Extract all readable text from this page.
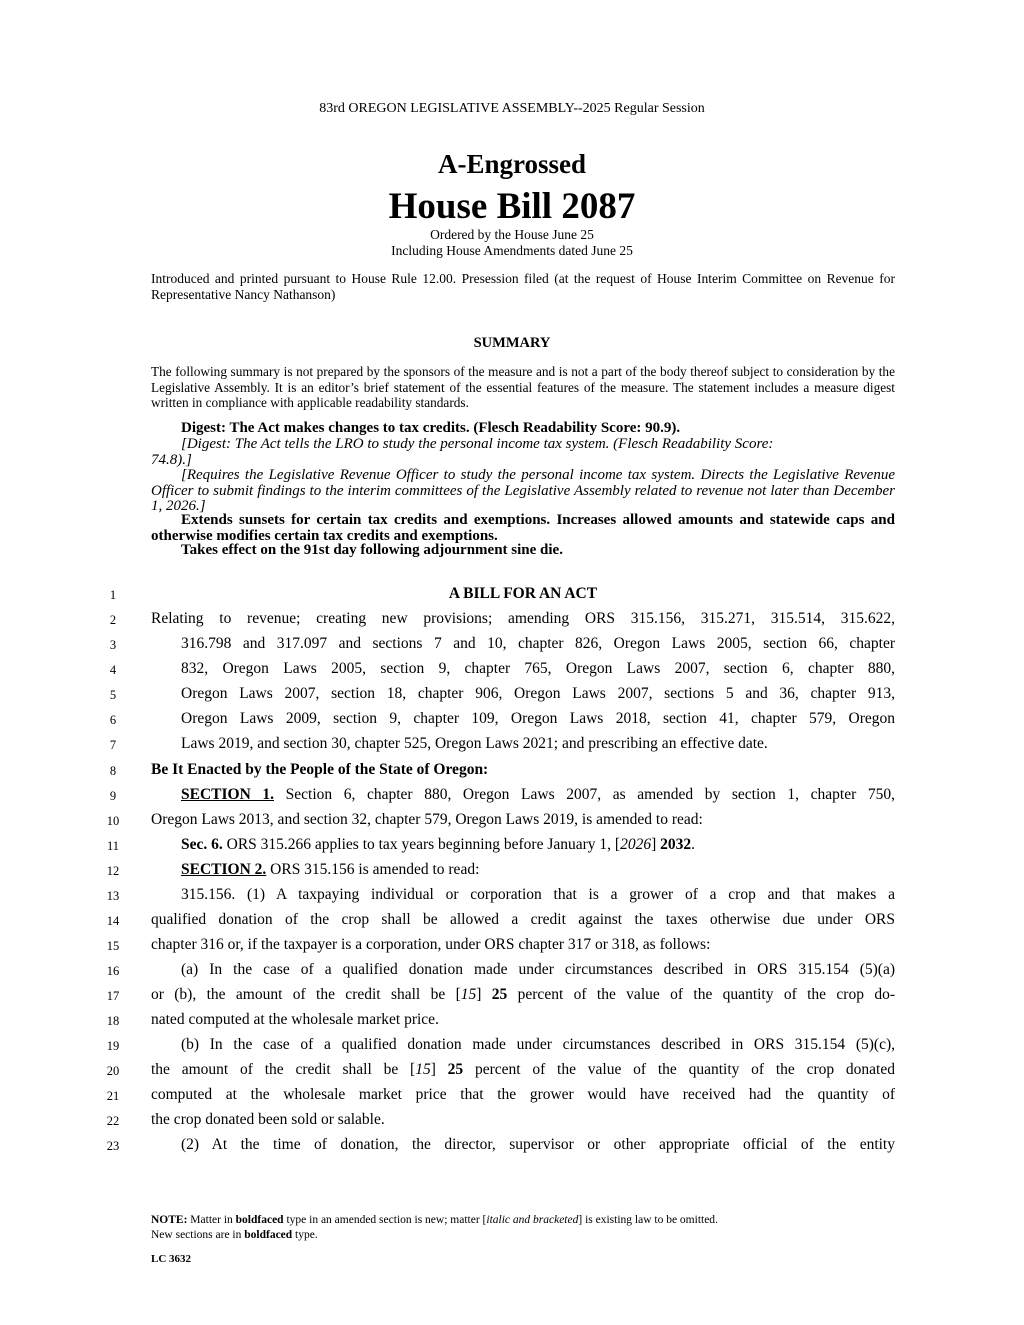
83rd OREGON LEGISLATIVE ASSEMBLY--2025 Regular Session
A-Engrossed
House Bill 2087
Ordered by the House June 25
Including House Amendments dated June 25
Introduced and printed pursuant to House Rule 12.00. Presession filed (at the request of House Interim Committee on Revenue for Representative Nancy Nathanson)
SUMMARY
The following summary is not prepared by the sponsors of the measure and is not a part of the body thereof subject to consideration by the Legislative Assembly. It is an editor’s brief statement of the essential features of the measure. The statement includes a measure digest written in compliance with applicable readability standards.
Digest: The Act makes changes to tax credits. (Flesch Readability Score: 90.9).
[Digest: The Act tells the LRO to study the personal income tax system. (Flesch Readability Score:
74.8).]
[Requires the Legislative Revenue Officer to study the personal income tax system. Directs the Legislative Revenue Officer to submit findings to the interim committees of the Legislative Assembly related to revenue not later than December 1, 2026.]
Extends sunsets for certain tax credits and exemptions. Increases allowed amounts and statewide caps and otherwise modifies certain tax credits and exemptions.
Takes effect on the 91st day following adjournment sine die.
1
2
3
4
5
6
7
8
9
10
11
12
13
14
15
16
17
18
19
20
21
22
23
A BILL FOR AN ACT
Relating to revenue; creating new provisions; amending ORS 315.156, 315.271, 315.514, 315.622,
316.798 and 317.097 and sections 7 and 10, chapter 826, Oregon Laws 2005, section 66, chapter
832, Oregon Laws 2005, section 9, chapter 765, Oregon Laws 2007, section 6, chapter 880,
Oregon Laws 2007, section 18, chapter 906, Oregon Laws 2007, sections 5 and 36, chapter 913,
Oregon Laws 2009, section 9, chapter 109, Oregon Laws 2018, section 41, chapter 579, Oregon
Laws 2019, and section 30, chapter 525, Oregon Laws 2021; and prescribing an effective date.
Be It Enacted by the People of the State of Oregon:
SECTION 1. Section 6, chapter 880, Oregon Laws 2007, as amended by section 1, chapter 750,
Oregon Laws 2013, and section 32, chapter 579, Oregon Laws 2019, is amended to read:
Sec. 6. ORS 315.266 applies to tax years beginning before January 1, [2026] 2032.
SECTION 2. ORS 315.156 is amended to read:
315.156. (1) A taxpaying individual or corporation that is a grower of a crop and that makes a
qualified donation of the crop shall be allowed a credit against the taxes otherwise due under ORS
chapter 316 or, if the taxpayer is a corporation, under ORS chapter 317 or 318, as follows:
(a) In the case of a qualified donation made under circumstances described in ORS 315.154 (5)(a)
or (b), the amount of the credit shall be [15] 25 percent of the value of the quantity of the crop do-
nated computed at the wholesale market price.
(b) In the case of a qualified donation made under circumstances described in ORS 315.154 (5)(c),
the amount of the credit shall be [15] 25 percent of the value of the quantity of the crop donated
computed at the wholesale market price that the grower would have received had the quantity of
the crop donated been sold or salable.
(2) At the time of donation, the director, supervisor or other appropriate official of the entity
NOTE: Matter in boldfaced type in an amended section is new; matter [italic and bracketed] is existing law to be omitted.
New sections are in boldfaced type.
LC 3632
